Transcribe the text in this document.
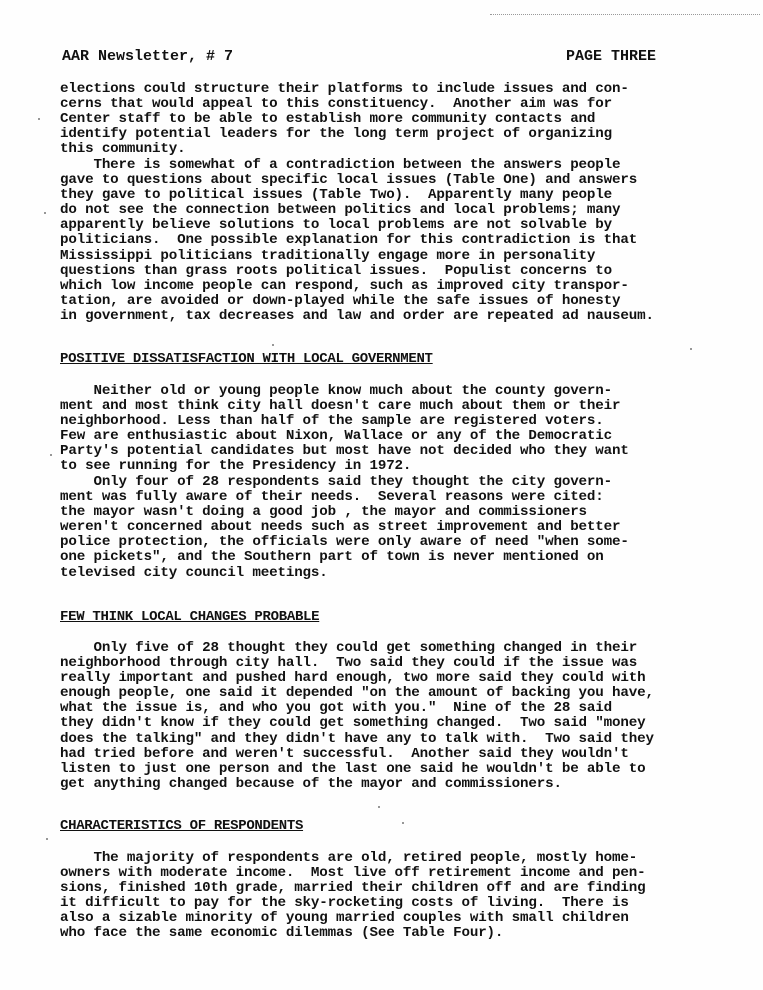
AAR Newsletter, # 7	PAGE THREE

elections could structure their platforms to include issues and con-
cerns that would appeal to this constituency.  Another aim was for
Center staff to be able to establish more community contacts and
identify potential leaders for the long term project of organizing
this community.

There is somewhat of a contradiction between the answers people
gave to questions about specific local issues (Table One) and answers
they gave to political issues (Table Two).  Apparently many people
do not see the connection between politics and local problems; many
apparently believe solutions to local problems are not solvable by
politicians.  One possible explanation for this contradiction is that
Mississippi politicians traditionally engage more in personality
questions than grass roots political issues.  Populist concerns to
which low income people can respond, such as improved city transpor-
tation, are avoided or down-played while the safe issues of honesty
in government, tax decreases and law and order are repeated ad nauseum.

POSITIVE DISSATISFACTION WITH LOCAL GOVERNMENT

Neither old or young people know much about the county govern-
ment and most think city hall doesn't care much about them or their
neighborhood. Less than half of the sample are registered voters.
Few are enthusiastic about Nixon, Wallace or any of the Democratic
Party's potential candidates but most have not decided who they want
to see running for the Presidency in 1972.

Only four of 28 respondents said they thought the city govern-
ment was fully aware of their needs.  Several reasons were cited:
the mayor wasn't doing a good job , the mayor and commissioners
weren't concerned about needs such as street improvement and better
police protection, the officials were only aware of need "when some-
one pickets", and the Southern part of town is never mentioned on
televised city council meetings.

FEW THINK LOCAL CHANGES PROBABLE

Only five of 28 thought they could get something changed in their
neighborhood through city hall.  Two said they could if the issue was
really important and pushed hard enough, two more said they could with
enough people, one said it depended "on the amount of backing you have,
what the issue is, and who you got with you."  Nine of the 28 said
they didn't know if they could get something changed.  Two said "money
does the talking" and they didn't have any to talk with.  Two said they
had tried before and weren't successful.  Another said they wouldn't
listen to just one person and the last one said he wouldn't be able to
get anything changed because of the mayor and commissioners.

CHARACTERISTICS OF RESPONDENTS

The majority of respondents are old, retired people, mostly home-
owners with moderate income.  Most live off retirement income and pen-
sions, finished 10th grade, married their children off and are finding
it difficult to pay for the sky-rocketing costs of living.  There is
also a sizable minority of young married couples with small children
who face the same economic dilemmas (See Table Four).
